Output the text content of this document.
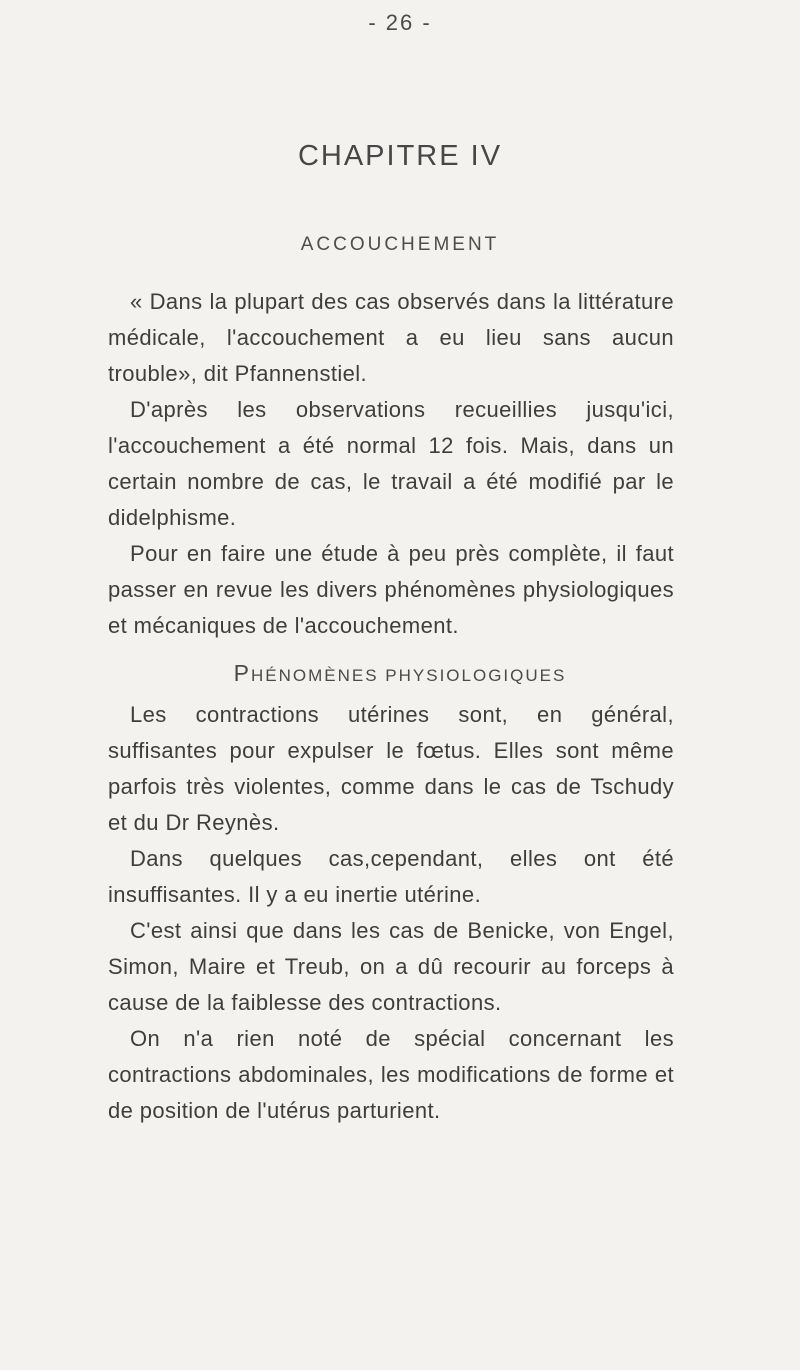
- 26 -
CHAPITRE IV
ACCOUCHEMENT

« Dans la plupart des cas observés dans la littérature médicale, l'accouchement a eu lieu sans aucun trouble», dit Pfannenstiel.

D'après les observations recueillies jusqu'ici, l'accouchement a été normal 12 fois. Mais, dans un certain nombre de cas, le travail a été modifié par le didelphisme.

Pour en faire une étude à peu près complète, il faut passer en revue les divers phénomènes physiologiques et mécaniques de l'accouchement.

PHÉNOMÈNES PHYSIOLOGIQUES

Les contractions utérines sont, en général, suffisantes pour expulser le fœtus. Elles sont même parfois très violentes, comme dans le cas de Tschudy et du Dr Reynès.

Dans quelques cas,cependant, elles ont été insuffisantes. Il y a eu inertie utérine.

C'est ainsi que dans les cas de Benicke, von Engel, Simon, Maire et Treub, on a dû recourir au forceps à cause de la faiblesse des contractions.

On n'a rien noté de spécial concernant les contractions abdominales, les modifications de forme et de position de l'utérus parturient.
